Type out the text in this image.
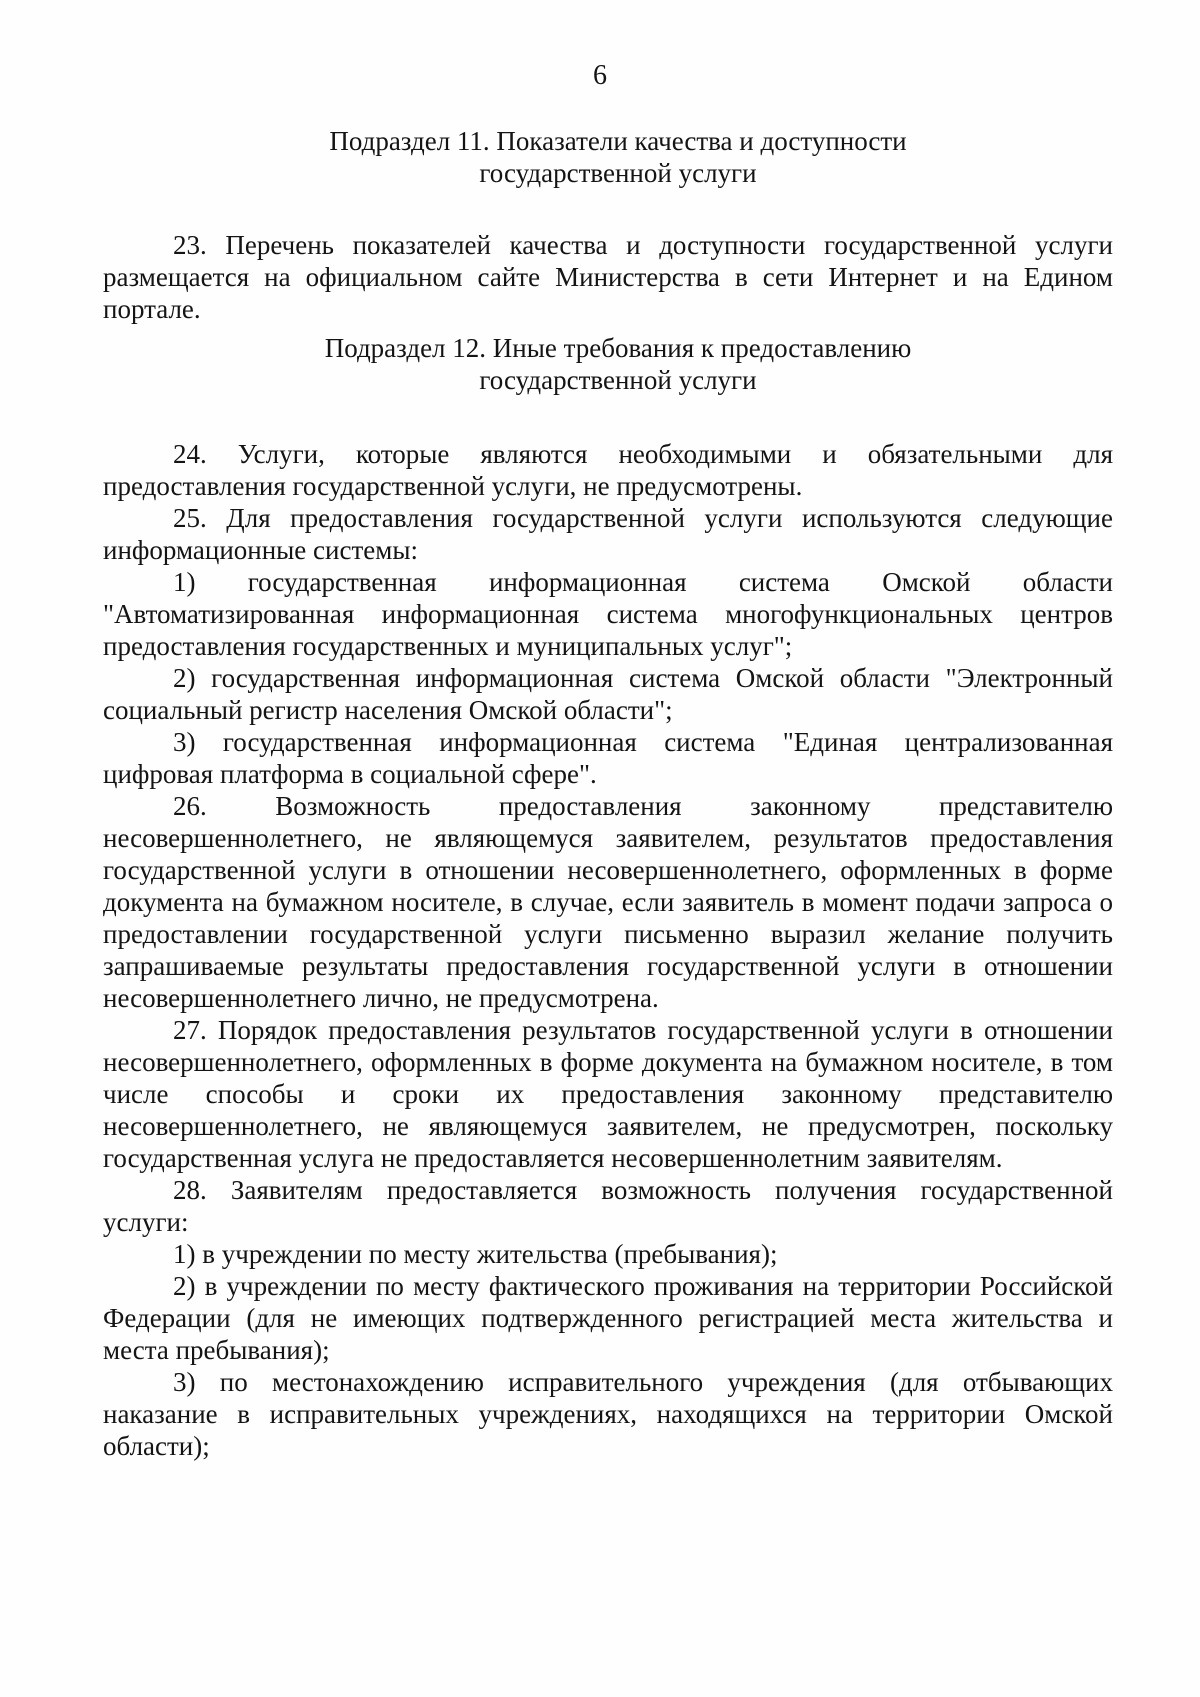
6
Подраздел 11. Показатели качества и доступности
государственной услуги

23. Перечень показателей качества и доступности государственной услуги размещается на официальном сайте Министерства в сети Интернет и на Едином портале.

Подраздел 12. Иные требования к предоставлению
государственной услуги

24. Услуги, которые являются необходимыми и обязательными для предоставления государственной услуги, не предусмотрены.

25. Для предоставления государственной услуги используются следующие информационные системы:

1) государственная информационная система Омской области "Автоматизированная информационная система многофункциональных центров предоставления государственных и муниципальных услуг";

2) государственная информационная система Омской области "Электронный социальный регистр населения Омской области";

3) государственная информационная система "Единая централизованная цифровая платформа в социальной сфере".

26. Возможность предоставления законному представителю несовершеннолетнего, не являющемуся заявителем, результатов предоставления государственной услуги в отношении несовершеннолетнего, оформленных в форме документа на бумажном носителе, в случае, если заявитель в момент подачи запроса о предоставлении государственной услуги письменно выразил желание получить запрашиваемые результаты предоставления государственной услуги в отношении несовершеннолетнего лично, не предусмотрена.

27. Порядок предоставления результатов государственной услуги в отношении несовершеннолетнего, оформленных в форме документа на бумажном носителе, в том числе способы и сроки их предоставления законному представителю несовершеннолетнего, не являющемуся заявителем, не предусмотрен, поскольку государственная услуга не предоставляется несовершеннолетним заявителям.

28. Заявителям предоставляется возможность получения государственной услуги:

1) в учреждении по месту жительства (пребывания);

2) в учреждении по месту фактического проживания на территории Российской Федерации (для не имеющих подтвержденного регистрацией места жительства и места пребывания);

3) по местонахождению исправительного учреждения (для отбывающих наказание в исправительных учреждениях, находящихся на территории Омской области);
